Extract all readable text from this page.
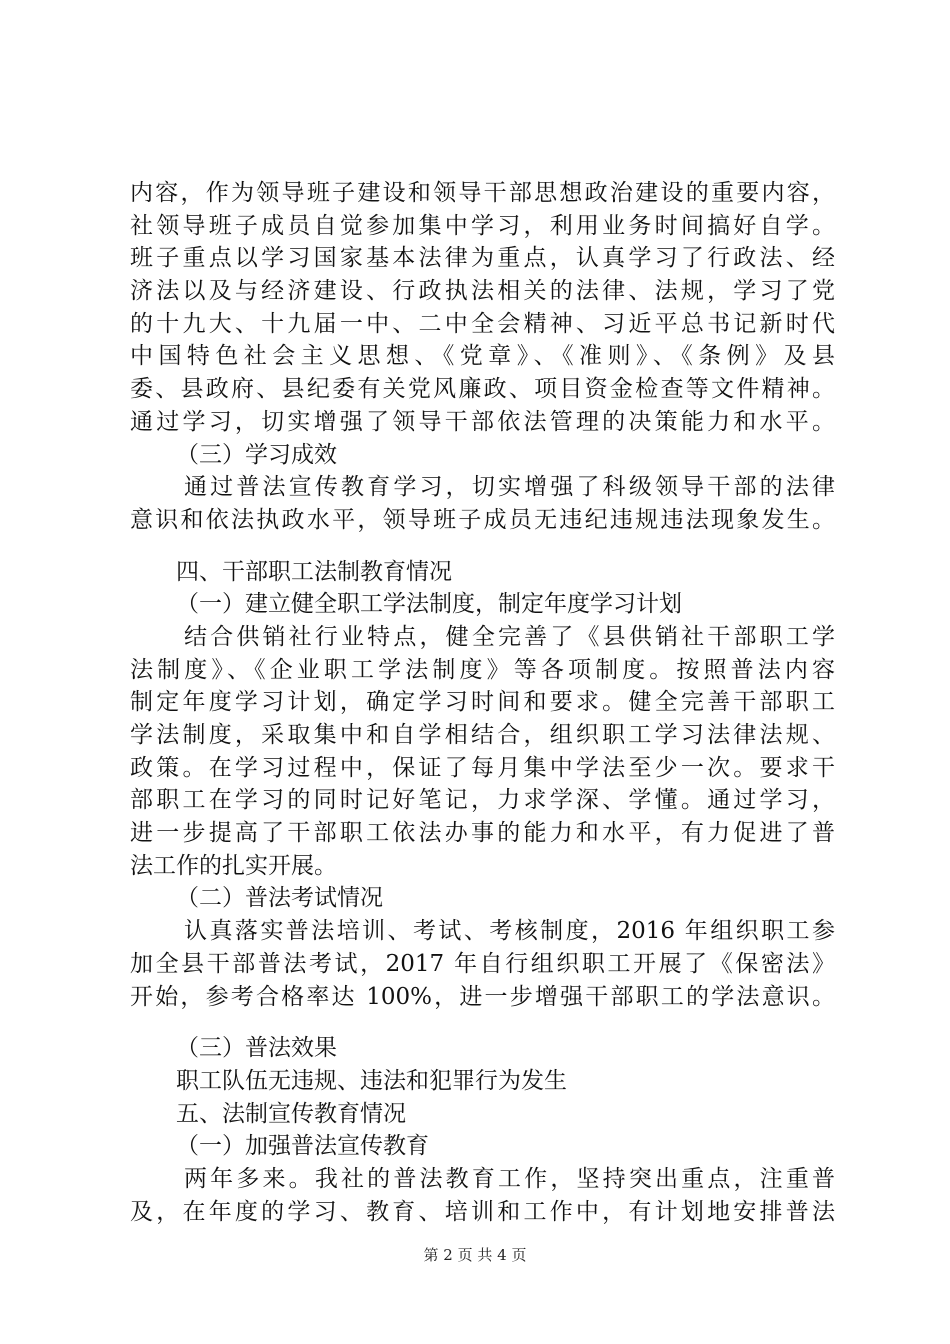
内容，作为领导班子建设和领导干部思想政治建设的重要内容，
社领导班子成员自觉参加集中学习，利用业务时间搞好自学。
班子重点以学习国家基本法律为重点，认真学习了行政法、经
济法以及与经济建设、行政执法相关的法律、法规，学习了党
的十九大、十九届一中、二中全会精神、习近平总书记新时代
中国特色社会主义思想、《党章》、《准则》、《条例》及县
委、县政府、县纪委有关党风廉政、项目资金检查等文件精神。
通过学习，切实增强了领导干部依法管理的决策能力和水平。
（三）学习成效
通过普法宣传教育学习，切实增强了科级领导干部的法律
意识和依法执政水平，领导班子成员无违纪违规违法现象发生。
四、干部职工法制教育情况
（一）建立健全职工学法制度，制定年度学习计划
结合供销社行业特点，健全完善了《县供销社干部职工学
法制度》、《企业职工学法制度》等各项制度。按照普法内容
制定年度学习计划，确定学习时间和要求。健全完善干部职工
学法制度，采取集中和自学相结合，组织职工学习法律法规、
政策。在学习过程中，保证了每月集中学法至少一次。要求干
部职工在学习的同时记好笔记，力求学深、学懂。通过学习，
进一步提高了干部职工依法办事的能力和水平，有力促进了普
法工作的扎实开展。
（二）普法考试情况
认真落实普法培训、考试、考核制度，2016 年组织职工参
加全县干部普法考试，2017 年自行组织职工开展了《保密法》
开始，参考合格率达 100%，进一步增强干部职工的学法意识。
（三）普法效果
职工队伍无违规、违法和犯罪行为发生
五、法制宣传教育情况
（一）加强普法宣传教育
两年多来。我社的普法教育工作，坚持突出重点，注重普
及，在年度的学习、教育、培训和工作中，有计划地安排普法
第 2 页 共 4 页
